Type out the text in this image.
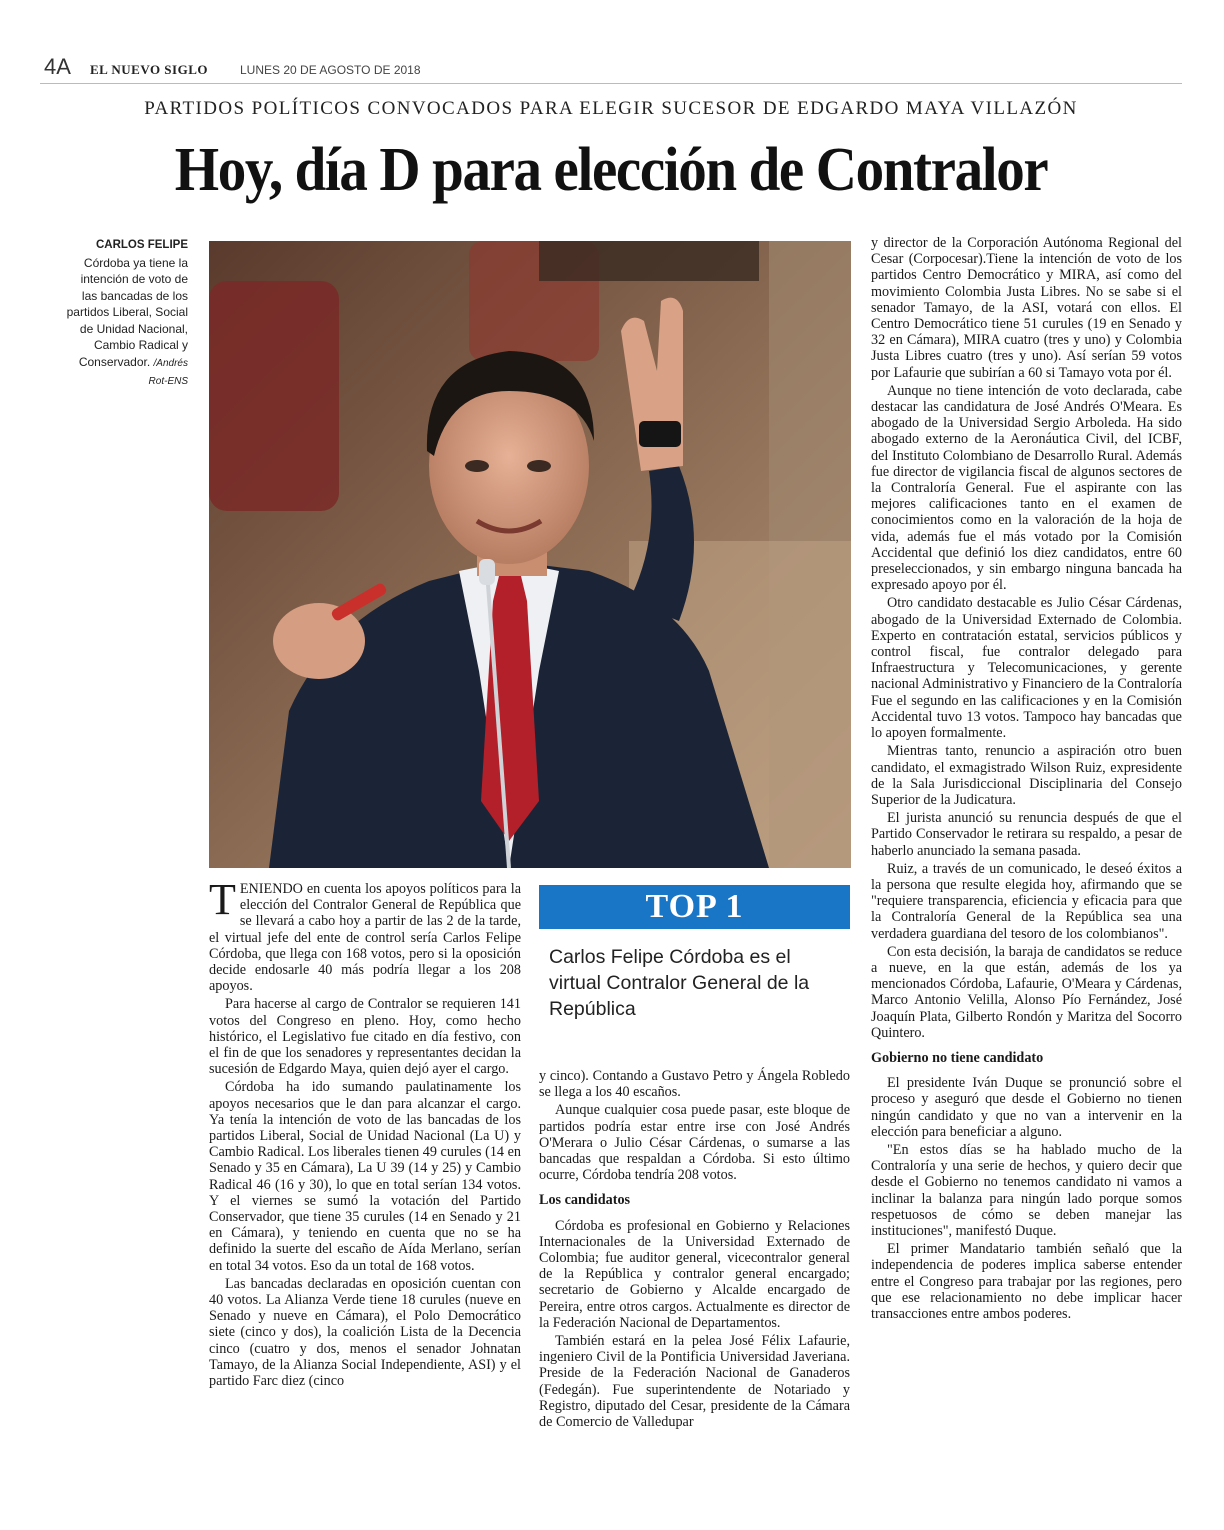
4A EL NUEVO SIGLO	LUNES 20 DE AGOSTO DE 2018
PARTIDOS POLÍTICOS CONVOCADOS PARA ELEGIR SUCESOR DE EDGARDO MAYA VILLAZÓN
Hoy, día D para elección de Contralor
CARLOS FELIPE
Córdoba ya tiene la intención de voto de las bancadas de los partidos Liberal, Social de Unidad Nacional, Cambio Radical y Conservador. /Andrés Rot-ENS

TENIENDO en cuenta los apoyos políticos para la elección del Contralor General de República que se llevará a cabo hoy a partir de las 2 de la tarde, el virtual jefe del ente de control sería Carlos Felipe Córdoba, que llega con 168 votos, pero si la oposición decide endosarle 40 más podría llegar a los 208 apoyos.

Para hacerse al cargo de Contralor se requieren 141 votos del Congreso en pleno. Hoy, como hecho histórico, el Legislativo fue citado en día festivo, con el fin de que los senadores y representantes decidan la sucesión de Edgardo Maya, quien dejó ayer el cargo.

Córdoba ha ido sumando paulatinamente los apoyos necesarios que le dan para alcanzar el cargo. Ya tenía la intención de voto de las bancadas de los partidos Liberal, Social de Unidad Nacional (La U) y Cambio Radical. Los liberales tienen 49 curules (14 en Senado y 35 en Cámara), La U 39 (14 y 25) y Cambio Radical 46 (16 y 30), lo que en total serían 134 votos. Y el viernes se sumó la votación del Partido Conservador, que tiene 35 curules (14 en Senado y 21 en Cámara), y teniendo en cuenta que no se ha definido la suerte del escaño de Aída Merlano, serían en total 34 votos. Eso da un total de 168 votos.

Las bancadas declaradas en oposición cuentan con 40 votos. La Alianza Verde tiene 18 curules (nueve en Senado y nueve en Cámara), el Polo Democrático siete (cinco y dos), la coalición Lista de la Decencia cinco (cuatro y dos, menos el senador Johnatan Tamayo, de la Alianza Social Independiente, ASI) y el partido Farc diez (cinco

TOP 1
Carlos Felipe Córdoba es el virtual Contralor General de la República

y cinco). Contando a Gustavo Petro y Ángela Robledo se llega a los 40 escaños.

Aunque cualquier cosa puede pasar, este bloque de partidos podría estar entre irse con José Andrés O'Merara o Julio César Cárdenas, o sumarse a las bancadas que respaldan a Córdoba. Si esto último ocurre, Córdoba tendría 208 votos.

Los candidatos

Córdoba es profesional en Gobierno y Relaciones Internacionales de la Universidad Externado de Colombia; fue auditor general, vicecontralor general de la República y contralor general encargado; secretario de Gobierno y Alcalde encargado de Pereira, entre otros cargos. Actualmente es director de la Federación Nacional de Departamentos.

También estará en la pelea José Félix Lafaurie, ingeniero Civil de la Pontificia Universidad Javeriana. Preside de la Federación Nacional de Ganaderos (Fedegán). Fue superintendente de Notariado y Registro, diputado del Cesar, presidente de la Cámara de Comercio de Valledupar

y director de la Corporación Autónoma Regional del Cesar (Corpocesar).Tiene la intención de voto de los partidos Centro Democrático y MIRA, así como del movimiento Colombia Justa Libres. No se sabe si el senador Tamayo, de la ASI, votará con ellos. El Centro Democrático tiene 51 curules (19 en Senado y 32 en Cámara), MIRA cuatro (tres y uno) y Colombia Justa Libres cuatro (tres y uno). Así serían 59 votos por Lafaurie que subirían a 60 si Tamayo vota por él.

Aunque no tiene intención de voto declarada, cabe destacar las candidatura de José Andrés O'Meara. Es abogado de la Universidad Sergio Arboleda. Ha sido abogado externo de la Aeronáutica Civil, del ICBF, del Instituto Colombiano de Desarrollo Rural. Además fue director de vigilancia fiscal de algunos sectores de la Contraloría General. Fue el aspirante con las mejores calificaciones tanto en el examen de conocimientos como en la valoración de la hoja de vida, además fue el más votado por la Comisión Accidental que definió los diez candidatos, entre 60 preseleccionados, y sin embargo ninguna bancada ha expresado apoyo por él.

Otro candidato destacable es Julio César Cárdenas, abogado de la Universidad Externado de Colombia. Experto en contratación estatal, servicios públicos y control fiscal, fue contralor delegado para Infraestructura y Telecomunicaciones, y gerente nacional Administrativo y Financiero de la Contraloría Fue el segundo en las calificaciones y en la Comisión Accidental tuvo 13 votos. Tampoco hay bancadas que lo apoyen formalmente.

Mientras tanto, renuncio a aspiración otro buen candidato, el exmagistrado Wilson Ruiz, expresidente de la Sala Jurisdiccional Disciplinaria del Consejo Superior de la Judicatura.

El jurista anunció su renuncia después de que el Partido Conservador le retirara su respaldo, a pesar de haberlo anunciado la semana pasada.

Ruiz, a través de un comunicado, le deseó éxitos a la persona que resulte elegida hoy, afirmando que se "requiere transparencia, eficiencia y eficacia para que la Contraloría General de la República sea una verdadera guardiana del tesoro de los colombianos".

Con esta decisión, la baraja de candidatos se reduce a nueve, en la que están, además de los ya mencionados Córdoba, Lafaurie, O'Meara y Cárdenas, Marco Antonio Velilla, Alonso Pío Fernández, José Joaquín Plata, Gilberto Rondón y Maritza del Socorro Quintero.

Gobierno no tiene candidato

El presidente Iván Duque se pronunció sobre el proceso y aseguró que desde el Gobierno no tienen ningún candidato y que no van a intervenir en la elección para beneficiar a alguno.

"En estos días se ha hablado mucho de la Contraloría y una serie de hechos, y quiero decir que desde el Gobierno no tenemos candidato ni vamos a inclinar la balanza para ningún lado porque somos respetuosos de cómo se deben manejar las instituciones", manifestó Duque.

El primer Mandatario también señaló que la independencia de poderes implica saberse entender entre el Congreso para trabajar por las regiones, pero que ese relacionamiento no debe implicar hacer transacciones entre ambos poderes.
